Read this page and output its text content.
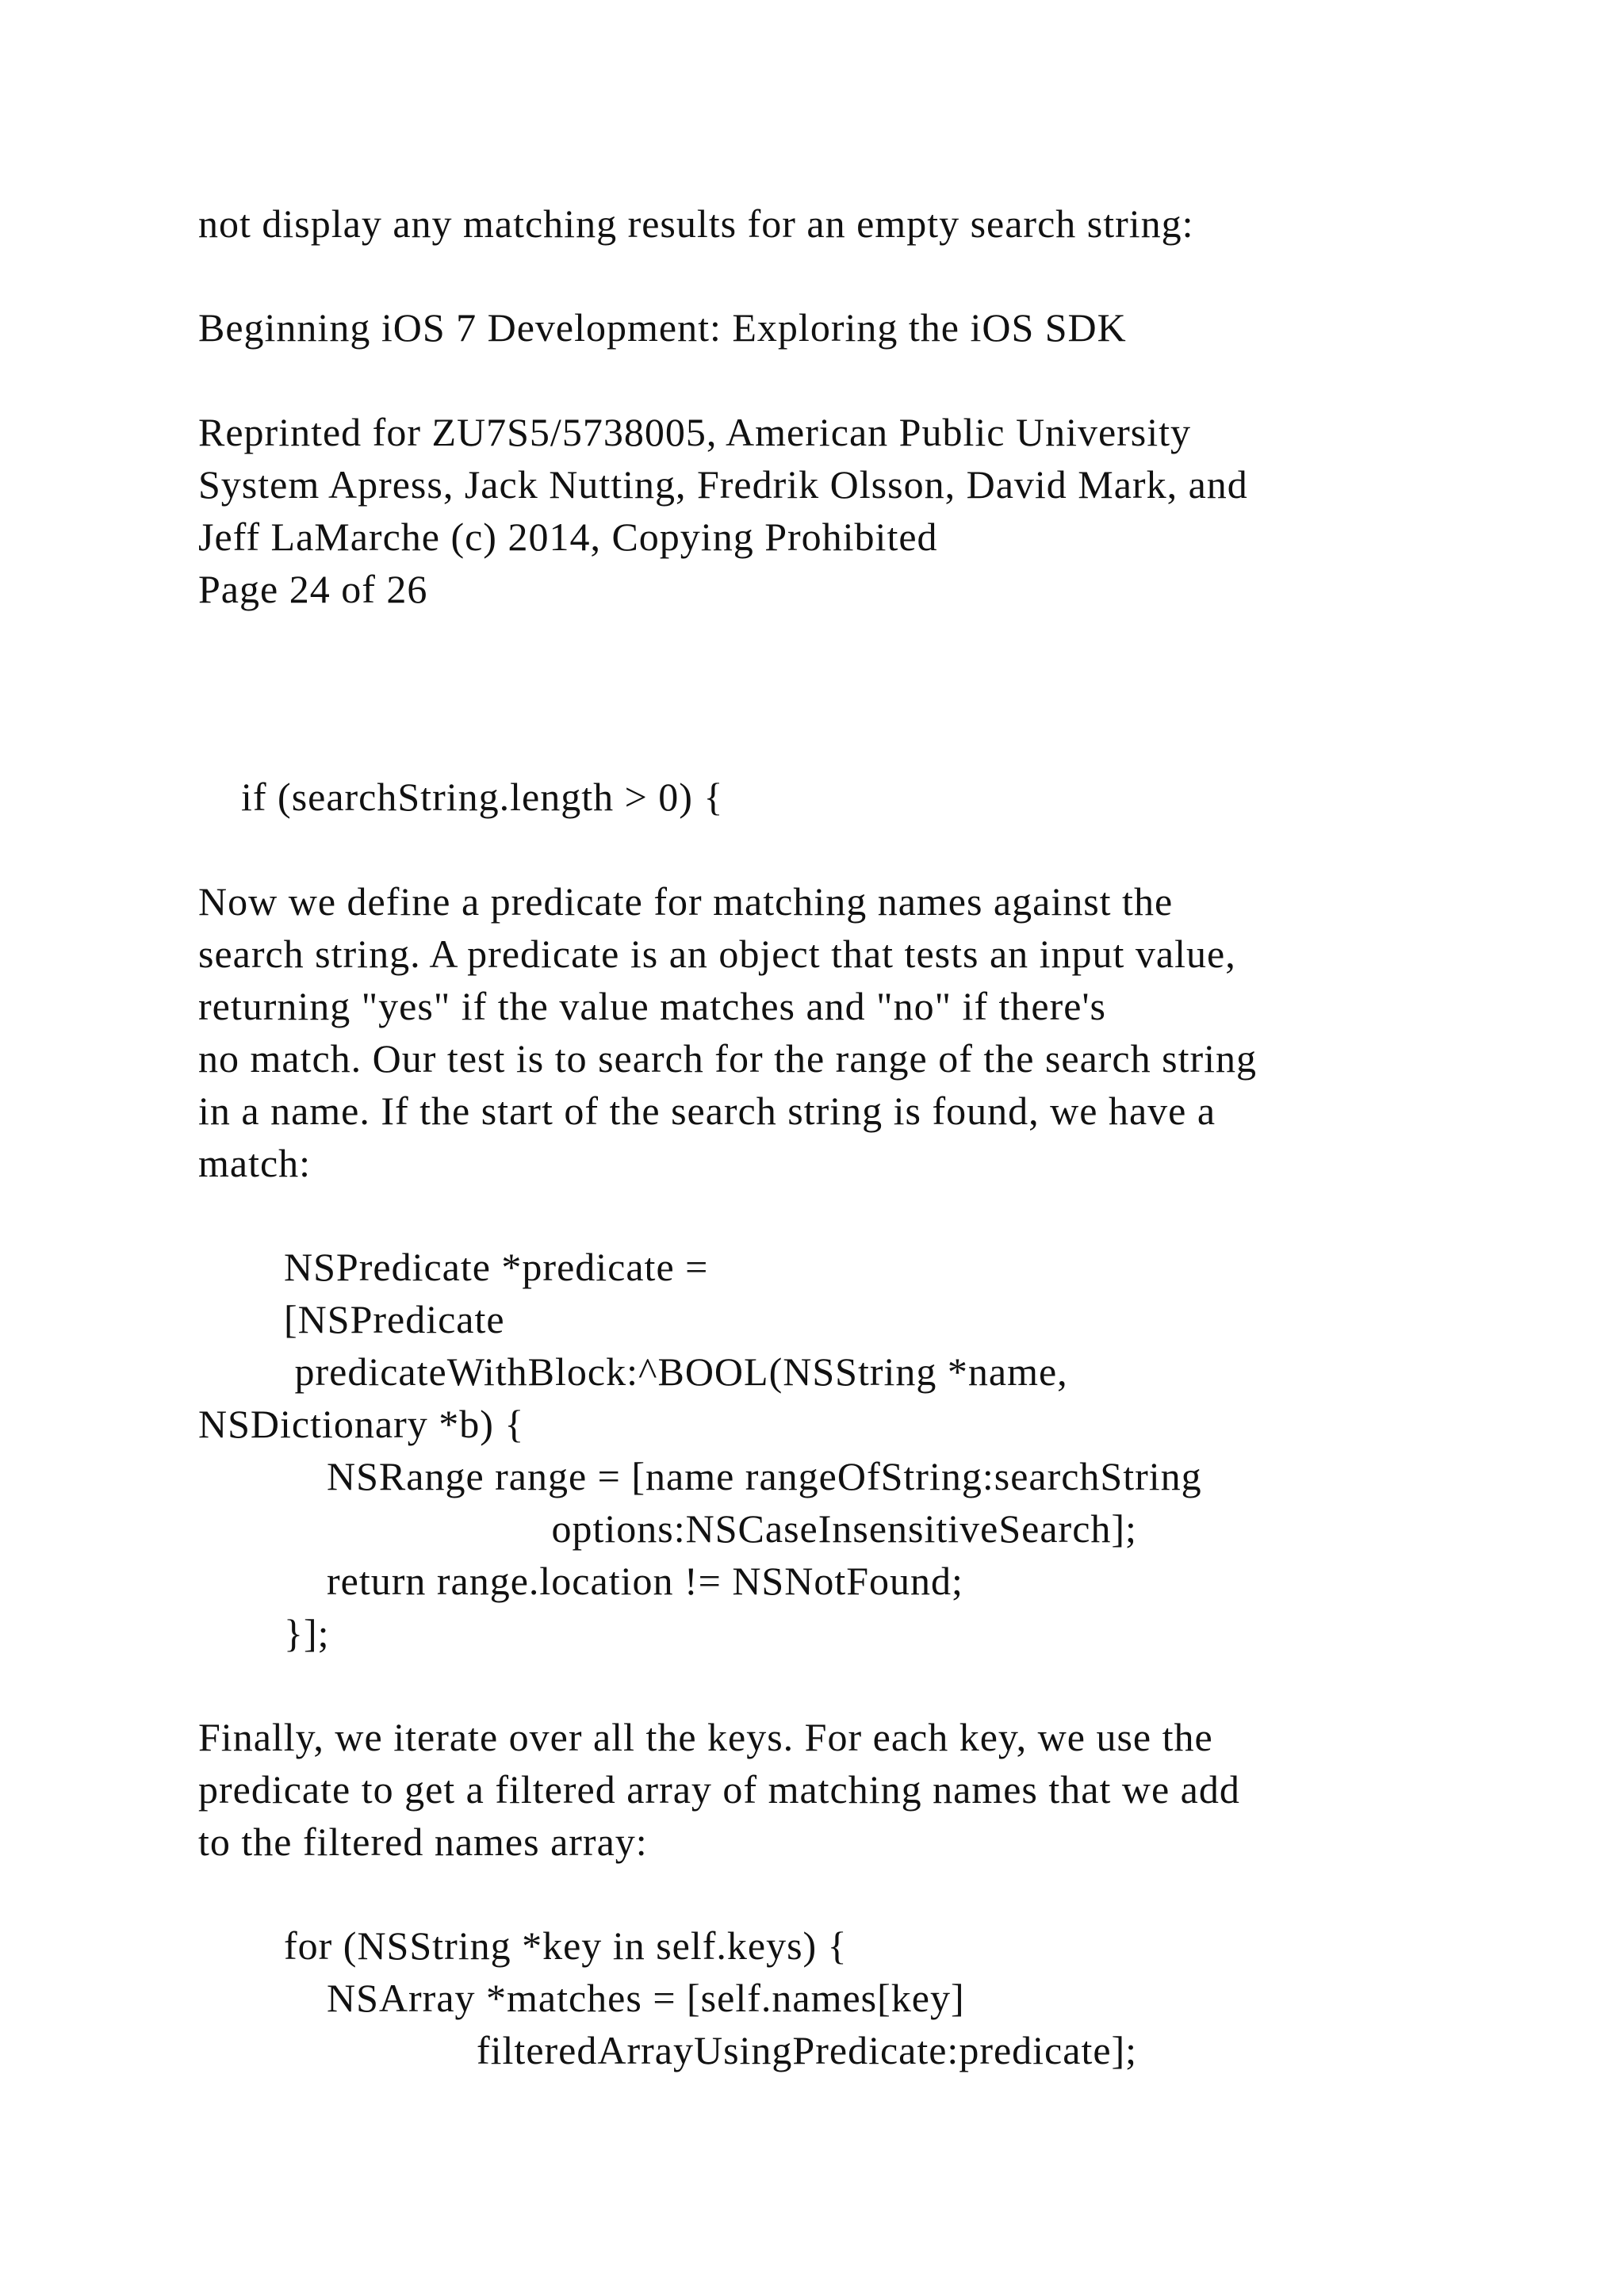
not display any matching results for an empty search string:

Beginning iOS 7 Development: Exploring the iOS SDK

Reprinted for ZU7S5/5738005, American Public University

System Apress, Jack Nutting, Fredrik Olsson, David Mark, and

Jeff LaMarche (c) 2014, Copying Prohibited

Page 24 of 26

if (searchString.length > 0) {

Now we define a predicate for matching names against the

search string. A predicate is an object that tests an input value,

returning "yes" if the value matches and "no" if there's

no match. Our test is to search for the range of the search string

in a name. If the start of the search string is found, we have a

match:

NSPredicate *predicate =

[NSPredicate

predicateWithBlock:^BOOL(NSString *name,

NSDictionary *b) {

NSRange range = [name rangeOfString:searchString

options:NSCaseInsensitiveSearch];

return range.location != NSNotFound;

}];

Finally, we iterate over all the keys. For each key, we use the

predicate to get a filtered array of matching names that we add

to the filtered names array:

for (NSString *key in self.keys) {

NSArray *matches = [self.names[key]

filteredArrayUsingPredicate:predicate];
